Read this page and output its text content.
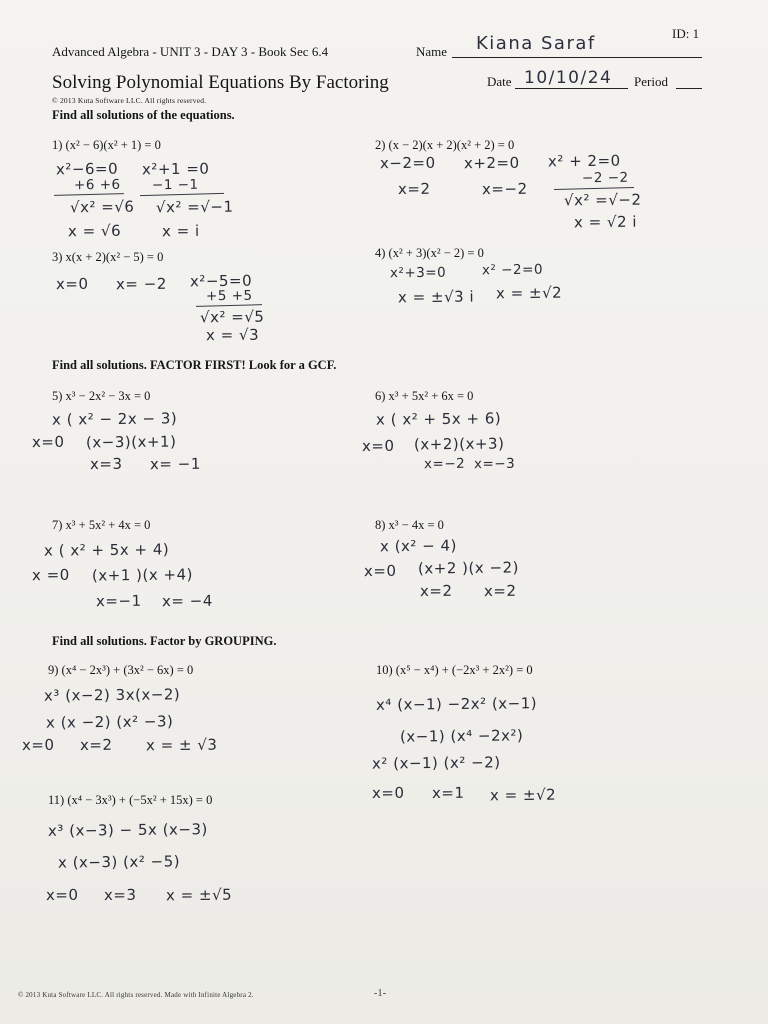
ID: 1
Advanced Algebra - UNIT 3 - DAY 3 - Book Sec 6.4	Name Kiana Saraf
Solving Polynomial Equations By Factoring	Date 10/10/24 Period
© 2013 Kuta Software LLC. All rights reserved.
Find all solutions of the equations.
1) (x² − 6)(x² + 1) = 0
x²−6=0
+6 +6
√x² =√6
x = √6
x²+1 =0
−1 −1
√x² =√−1
x = i
2) (x − 2)(x + 2)(x² + 2) = 0
x−2=0 x+2=0
x=2	x=−2
x² + 2=0
−2 −2
√x² =√−2
x = √2 i
3) x(x + 2)(x² − 5) = 0
x=0 x= −2 x²−5=0
+5 +5
√x² =√5
x = √3
4) (x² + 3)(x² − 2) = 0
x²+3=0
x = ±√3 i
x² −2=0
x = ±√2
Find all solutions. FACTOR FIRST! Look for a GCF.
5) x³ − 2x² − 3x = 0
x ( x² − 2x − 3)
x=0 (x−3)(x+1)
x=3 x= −1
6) x³ + 5x² + 6x = 0
x ( x² + 5x + 6)
x=0 (x+2)(x+3)
x=−2 x=−3
7) x³ + 5x² + 4x = 0
x ( x² + 5x + 4)
x =0 (x+1 )(x +4)
x=−1 x= −4
8) x³ − 4x = 0
x (x² − 4)
x=0 (x+2 )(x −2)
x=2 x=2
Find all solutions. Factor by GROUPING.
9) (x⁴ − 2x³) + (3x² − 6x) = 0
x³ (x−2) 3x(x−2)
x (x −2) (x² −3)
x=0 x=2 x = ± √3
10) (x⁵ − x⁴) + (−2x³ + 2x²) = 0
x⁴ (x−1) −2x² (x−1)
(x−1) (x⁴ −2x²)
x² (x−1) (x² −2)
x=0 x=1 x = ±√2
11) (x⁴ − 3x³) + (−5x² + 15x) = 0
x³ (x−3) − 5x (x−3)
x (x−3) (x² −5)
x=0 x=3 x = ±√5
© 2013 Kuta Software LLC. All rights reserved. Made with Infinite Algebra 2.	-1-
